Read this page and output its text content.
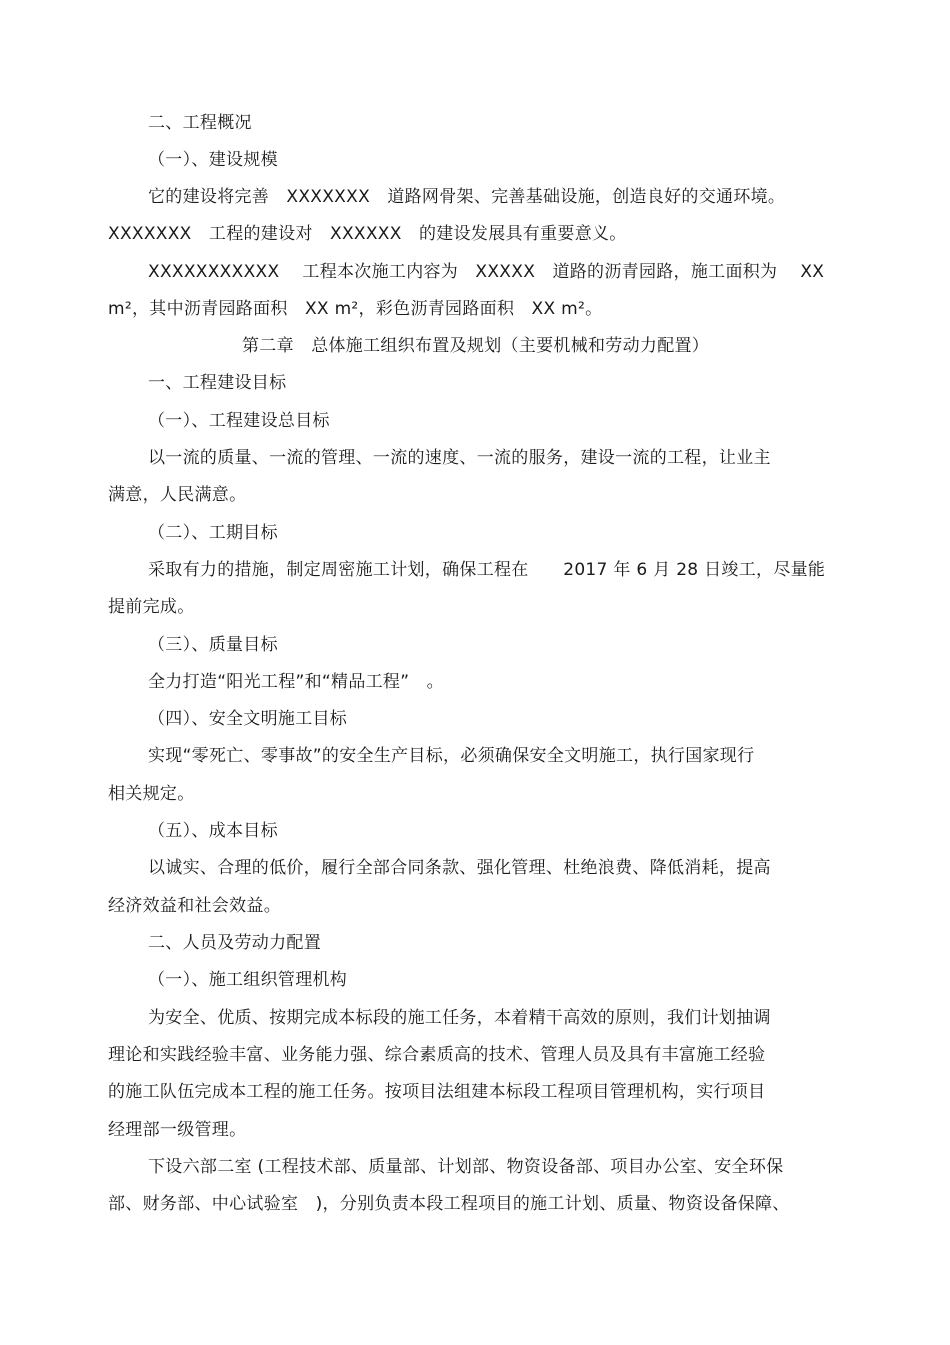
二、工程概况
（一）、建设规模
它的建设将完善　XXXXXXX　道路网骨架、完善基础设施，创造良好的交通环境。
XXXXXXX　工程的建设对　XXXXXX　的建设发展具有重要意义。
XXXXXXXXXXX　 工程本次施工内容为　XXXXX　道路的沥青园路，施工面积为　 XX
m²，其中沥青园路面积　XX m²，彩色沥青园路面积　XX m²。
第二章　总体施工组织布置及规划（主要机械和劳动力配置）
一、工程建设目标
（一）、工程建设总目标
以一流的质量、一流的管理、一流的速度、一流的服务，建设一流的工程，让业主
满意，人民满意。
（二）、工期目标
采取有力的措施，制定周密施工计划，确保工程在　　2017 年 6 月 28 日竣工，尽量能
提前完成。
（三）、质量目标
全力打造“阳光工程”和“精品工程”　。
（四）、安全文明施工目标
实现“零死亡、零事故”的安全生产目标，必须确保安全文明施工，执行国家现行
相关规定。
（五）、成本目标
以诚实、合理的低价，履行全部合同条款、强化管理、杜绝浪费、降低消耗，提高
经济效益和社会效益。
二、人员及劳动力配置
（一）、施工组织管理机构
为安全、优质、按期完成本标段的施工任务，本着精干高效的原则，我们计划抽调
理论和实践经验丰富、业务能力强、综合素质高的技术、管理人员及具有丰富施工经验
的施工队伍完成本工程的施工任务。按项目法组建本标段工程项目管理机构，实行项目
经理部一级管理。
下设六部二室 (工程技术部、质量部、计划部、物资设备部、项目办公室、安全环保
部、财务部、中心试验室　)，分别负责本段工程项目的施工计划、质量、物资设备保障、
